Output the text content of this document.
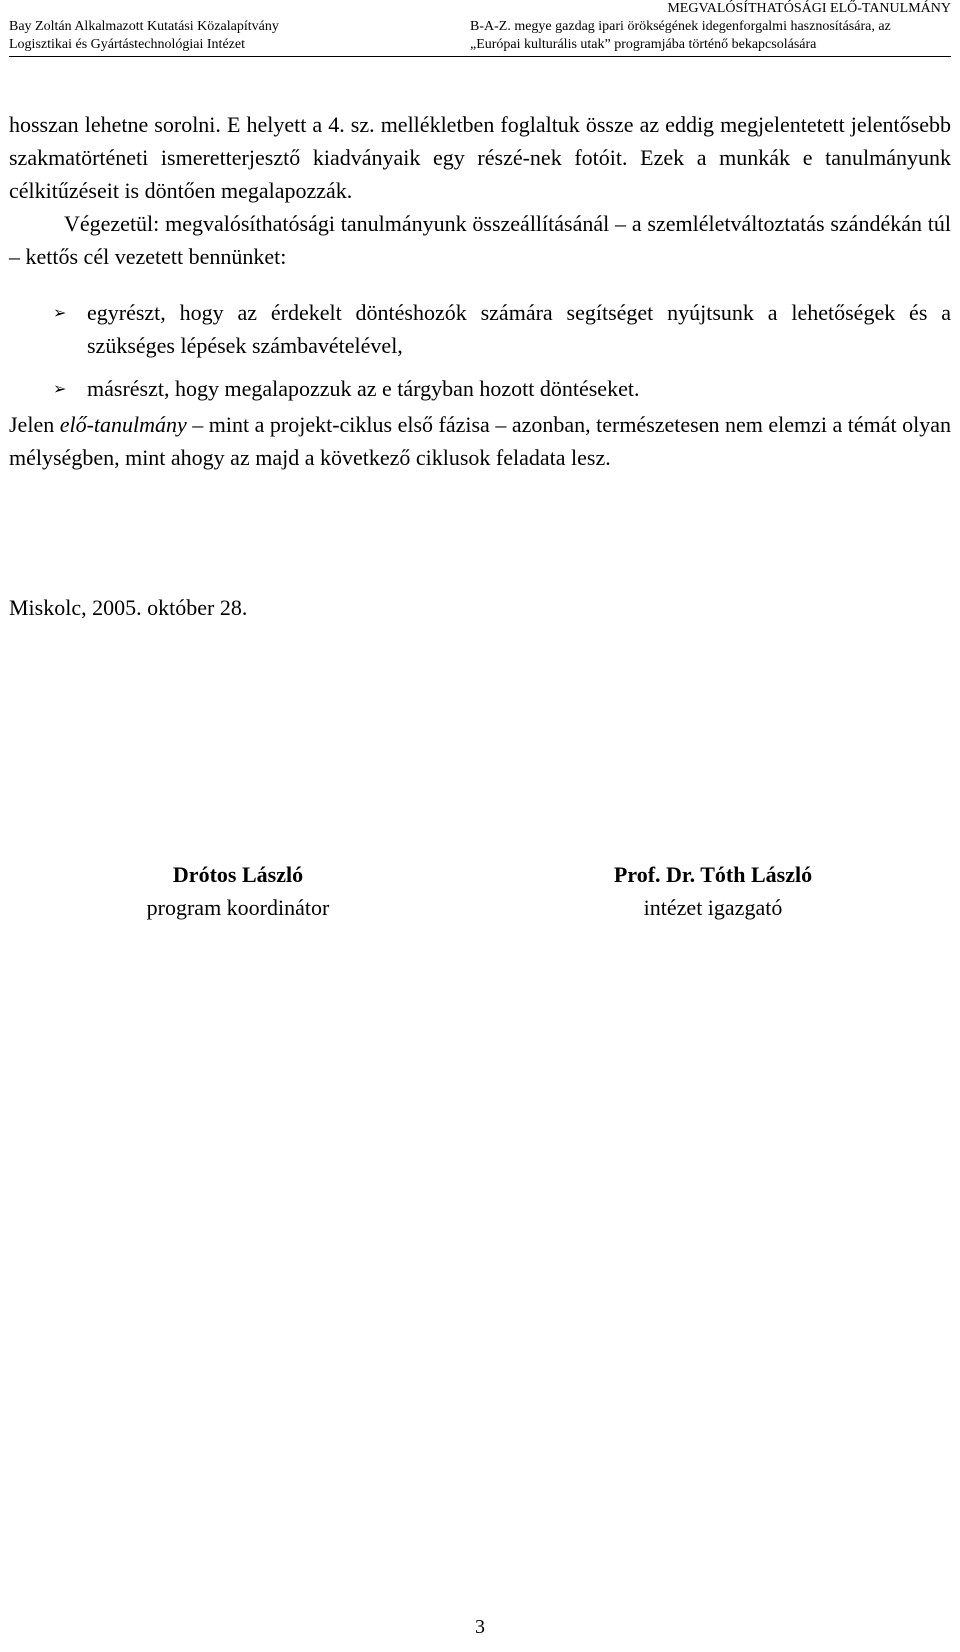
Bay Zoltán Alkalmazott Kutatási Közalapítvány
Logisztikai és Gyártástechnológiai Intézet
MEGVALÓSÍTHATÓSÁGI ELŐ-TANULMÁNY
B-A-Z. megye gazdag ipari örökségének idegenforgalmi hasznosítására, az
„Európai kulturális utak” programjába történő bekapcsolására
hosszan lehetne sorolni. E helyett a 4. sz. mellékletben foglaltuk össze az eddig megjelentetett jelentősebb szakmatörténeti ismeretterjesztő kiadványaik egy részé-nek fotóit. Ezek a munkák e tanulmányunk célkitűzéseit is döntően megalapozzák.
Végezetül: megvalósíthatósági tanulmányunk összeállításánál – a szemléletváltoztatás szándékán túl – kettős cél vezetett bennünket:
➢ egyrészt, hogy az érdekelt döntéshozók számára segítséget nyújtsunk a lehetőségek és a szükséges lépések számbavételével,
➢ másrészt, hogy megalapozzuk az e tárgyban hozott döntéseket.
Jelen elő-tanulmány – mint a projekt-ciklus első fázisa – azonban, természetesen nem elemzi a témát olyan mélységben, mint ahogy az majd a következő ciklusok feladata lesz.
Miskolc, 2005. október 28.
Drótos László
program koordinátor
Prof. Dr. Tóth László
intézet igazgató
3
